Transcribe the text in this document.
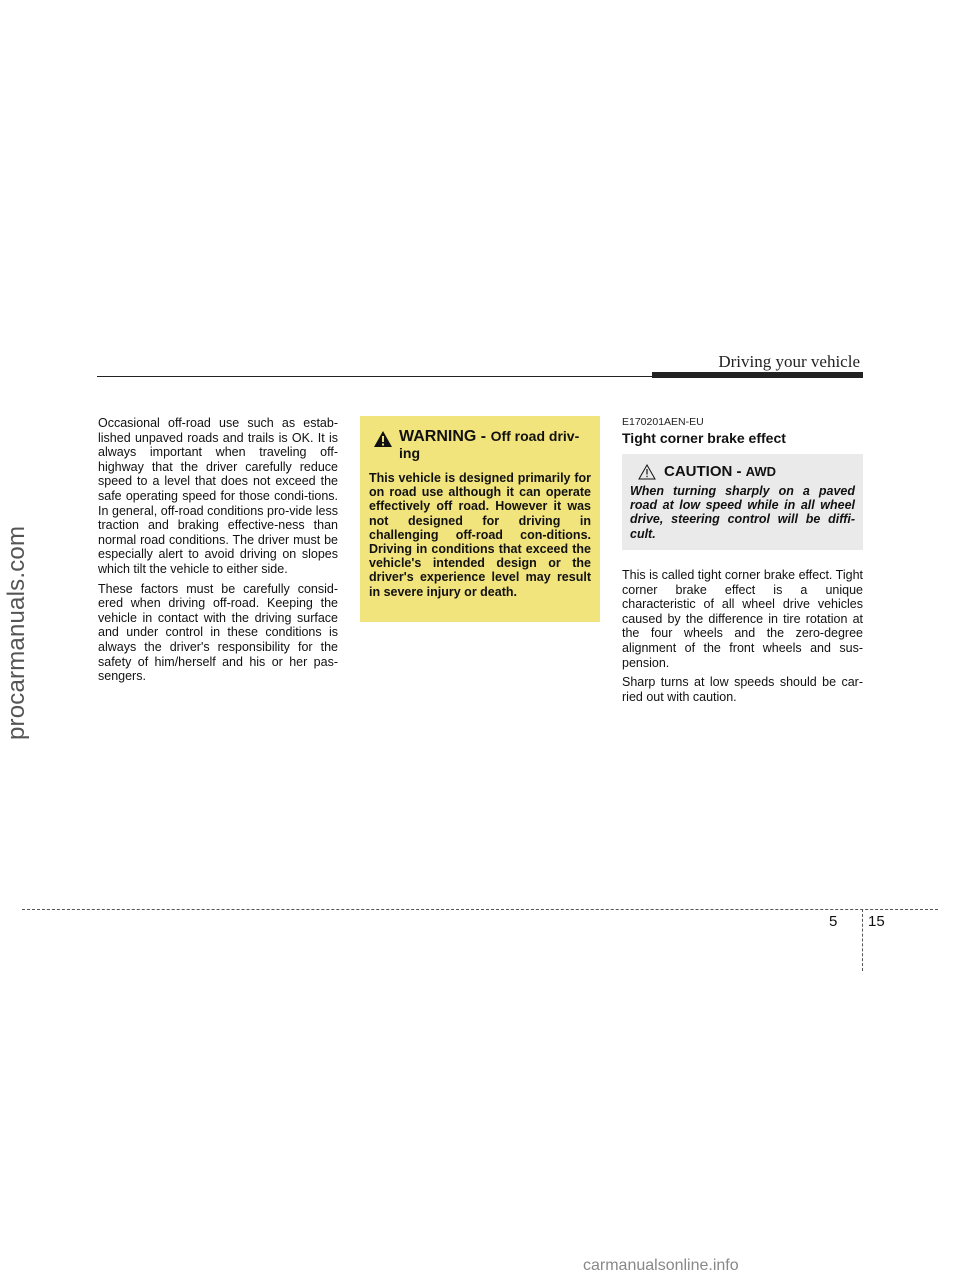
Driving your vehicle

Occasional off-road use such as estab-lished unpaved roads and trails is OK. It is always important when traveling off-highway that the driver carefully reduce speed to a level that does not exceed the safe operating speed for those condi-tions. In general, off-road conditions pro-vide less traction and braking effective-ness than normal road conditions. The driver must be especially alert to avoid driving on slopes which tilt the vehicle to either side.

These factors must be carefully consid-ered when driving off-road. Keeping the vehicle in contact with the driving surface and under control in these conditions is always the driver's responsibility for the safety of him/herself and his or her pas-sengers.

WARNING - Off road driv-ing
This vehicle is designed primarily for on road use although it can operate effectively off road. However it was not designed for driving in challenging off-road con-ditions. Driving in conditions that exceed the vehicle's intended design or the driver's experience level may result in severe injury or death.
E170201AEN-EU
Tight corner brake effect
CAUTION - AWD
When turning sharply on a paved road at low speed while in all wheel drive, steering control will be diffi-cult.

This is called tight corner brake effect. Tight corner brake effect is a unique characteristic of all wheel drive vehicles caused by the difference in tire rotation at the four wheels and the zero-degree alignment of the front wheels and sus-pension.

Sharp turns at low speeds should be car-ried out with caution.

5 15
procarmanuals.com
carmanualsonline.info
